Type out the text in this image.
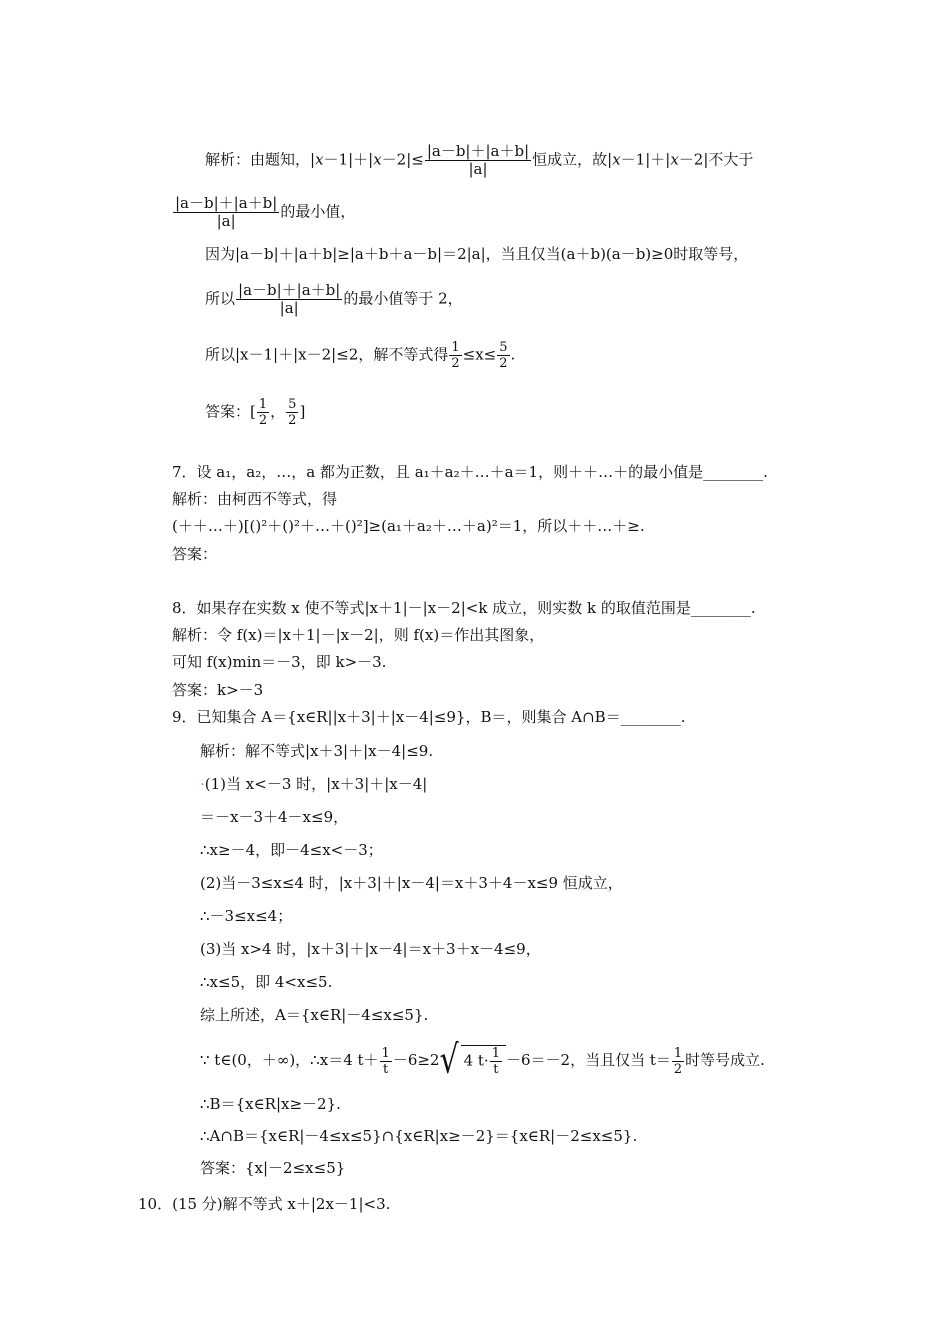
解析：由题知，$|x-1|+|x-2|\le \frac{|a-b|+|a+b|}{|a|}$ 恒成立，故|x－1|＋|x－2|不大于
$\frac{|a-b|+|a+b|}{|a|}$ 的最小值，
因为|a－b|＋|a＋b|≥|a＋b＋a－b|＝2|a|，当且仅当(a＋b)(a－b)≥0时取等号，
所以 $\frac{|a-b|+|a+b|}{|a|}$ 的最小值等于 2，
所以|x－1|＋|x－2|≤2，解不等式得 $\frac{1}{2} \le x\le \frac{5}{2}$ .
答案：[ $\frac{1}{2}$ ， $\frac{5}{2}$ ]
7．设 a₁，a₂，…，a 都为正数，且 a₁＋a₂＋…＋a＝1，则＋＋…＋的最小值是________.
解析：由柯西不等式，得
(＋＋…＋)[()²＋()²＋…＋()²]≥(a₁＋a₂＋…＋a)²＝1，所以＋＋…＋≥.
答案：
8．如果存在实数 x 使不等式|x＋1|－|x－2|<k 成立，则实数 k 的取值范围是________.
解析：令 f(x)＝|x＋1|－|x－2|，则 f(x)＝作出其图象，
可知 f(x)min＝－3，即 k>－3.
答案：k>－3
9．已知集合 A＝{x∈R||x＋3|＋|x－4|≤9}，B＝，则集合 A∩B＝________.
解析：解不等式|x＋3|＋|x－4|≤9.
·(1)当 x<－3 时，|x＋3|＋|x－4|
＝－x－3＋4－x≤9，
∴x≥－4，即－4≤x<－3；
(2)当－3≤x≤4 时，|x＋3|＋|x－4|＝x＋3＋4－x≤9 恒成立，
∴－3≤x≤4；
(3)当 x>4 时，|x＋3|＋|x－4|＝x＋3＋x－4≤9，
∴x≤5，即 4<x≤5.
综上所述，A＝{x∈R|－4≤x≤5}.
∵ t∈(0，＋∞)，∴x＝4 $t+ \frac{1}{t} -6\ge 2√$ 4 $t\cdot \frac{1}{t} -6=-2$，当且仅当 $t= \frac{1}{2}$ 时等号成立.
∴B＝{x∈R|x≥－2}.
∴A∩B＝{x∈R|－4≤x≤5}∩{x∈R|x≥－2}＝{x∈R|－2≤x≤5}.
答案：{x|－2≤x≤5}
10．(15 分)解不等式 x＋|2x－1|<3.
